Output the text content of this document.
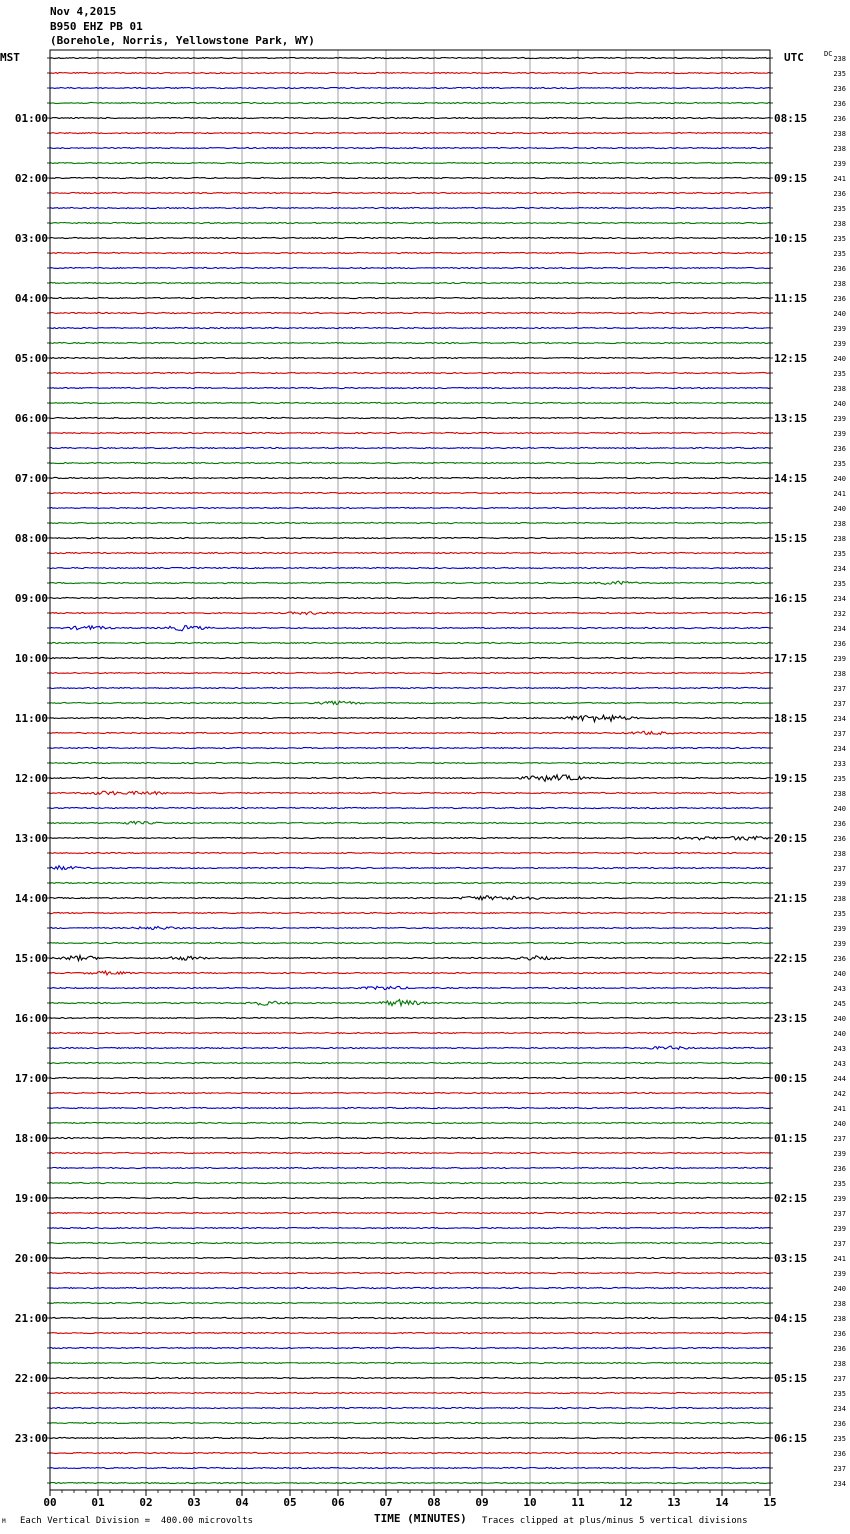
Nov 4,2015
B950 EHZ PB 01
(Borehole, Norris, Yellowstone Park, WY)
00	01	02	03	04	05	06	07	08	09	10	11	12	13	14	15
238
235
236
236
236
01:00	08:15
238
238
239
241
02:00	09:15
236
235
238
235
03:00	10:15
235
236
238
236
04:00	11:15
240
239
239
240
05:00	12:15
235
238
240
239
06:00	13:15
239
236
235
240
07:00	14:15
241
240
238
238
08:00	15:15
235
234
235
234
09:00	16:15
232
234
236
239
10:00	17:15
238
237
237
234
11:00	18:15
237
234
233
235
12:00	19:15
238
240
236
236
13:00	20:15
238
237
239
238
14:00	21:15
235
239
239
236
15:00	22:15
240
243
245
240
16:00	23:15
240
243
243
244
17:00	00:15
242
241
240
237
18:00	01:15
239
236
235
239
19:00	02:15
237
239
237
241
20:00	03:15
239
240
238
238
21:00	04:15
236
236
238
237
22:00	05:15
235
234
236
235
23:00	06:15
236
237
234
MST	UTC	DC
TIME (MINUTES)
Each Vertical Division =  400.00 microvolts	Traces clipped at plus/minus 5 vertical divisions
M
